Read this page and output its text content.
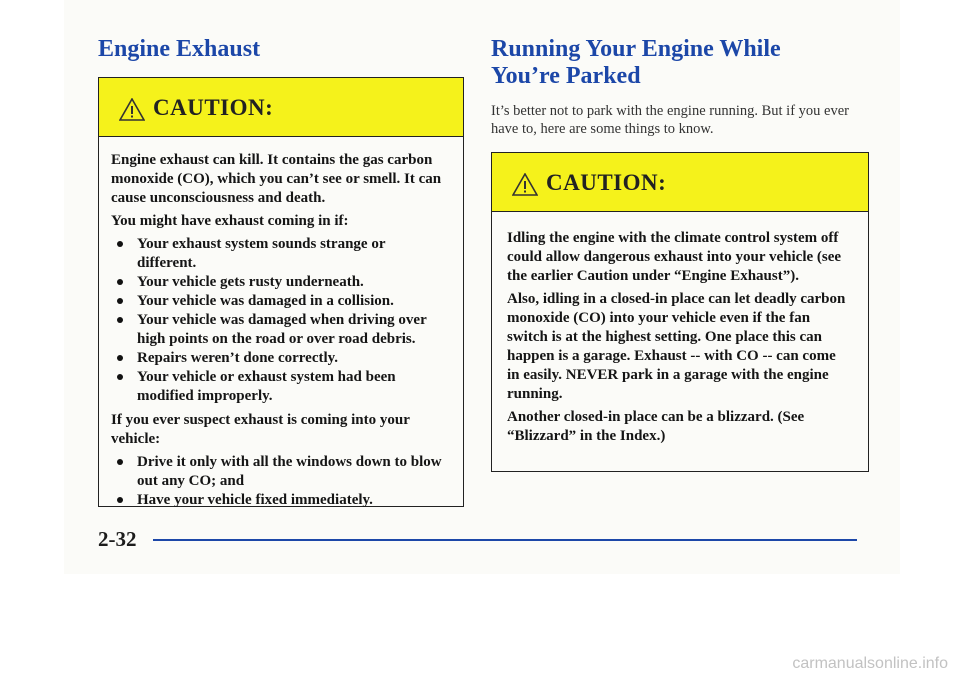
Engine Exhaust
CAUTION:

Engine exhaust can kill. It contains the gas carbon monoxide (CO), which you can’t see or smell. It can cause unconsciousness and death.

You might have exhaust coming in if:

Your exhaust system sounds strange or different.
Your vehicle gets rusty underneath.
Your vehicle was damaged in a collision.
Your vehicle was damaged when driving over high points on the road or over road debris.
Repairs weren’t done correctly.
Your vehicle or exhaust system had been modified improperly.

If you ever suspect exhaust is coming into your vehicle:

Drive it only with all the windows down to blow out any CO; and
Have your vehicle fixed immediately.
Running Your Engine While
You’re Parked
It’s better not to park with the engine running. But if you ever have to, here are some things to know.
CAUTION:

Idling the engine with the climate control system off could allow dangerous exhaust into your vehicle (see the earlier Caution under “Engine Exhaust”).

Also, idling in a closed-in place can let deadly carbon monoxide (CO) into your vehicle even if the fan switch is at the highest setting. One place this can happen is a garage. Exhaust -- with CO -- can come in easily. NEVER park in a garage with the engine running.

Another closed-in place can be a blizzard. (See “Blizzard” in the Index.)

2-32
carmanualsonline.info
